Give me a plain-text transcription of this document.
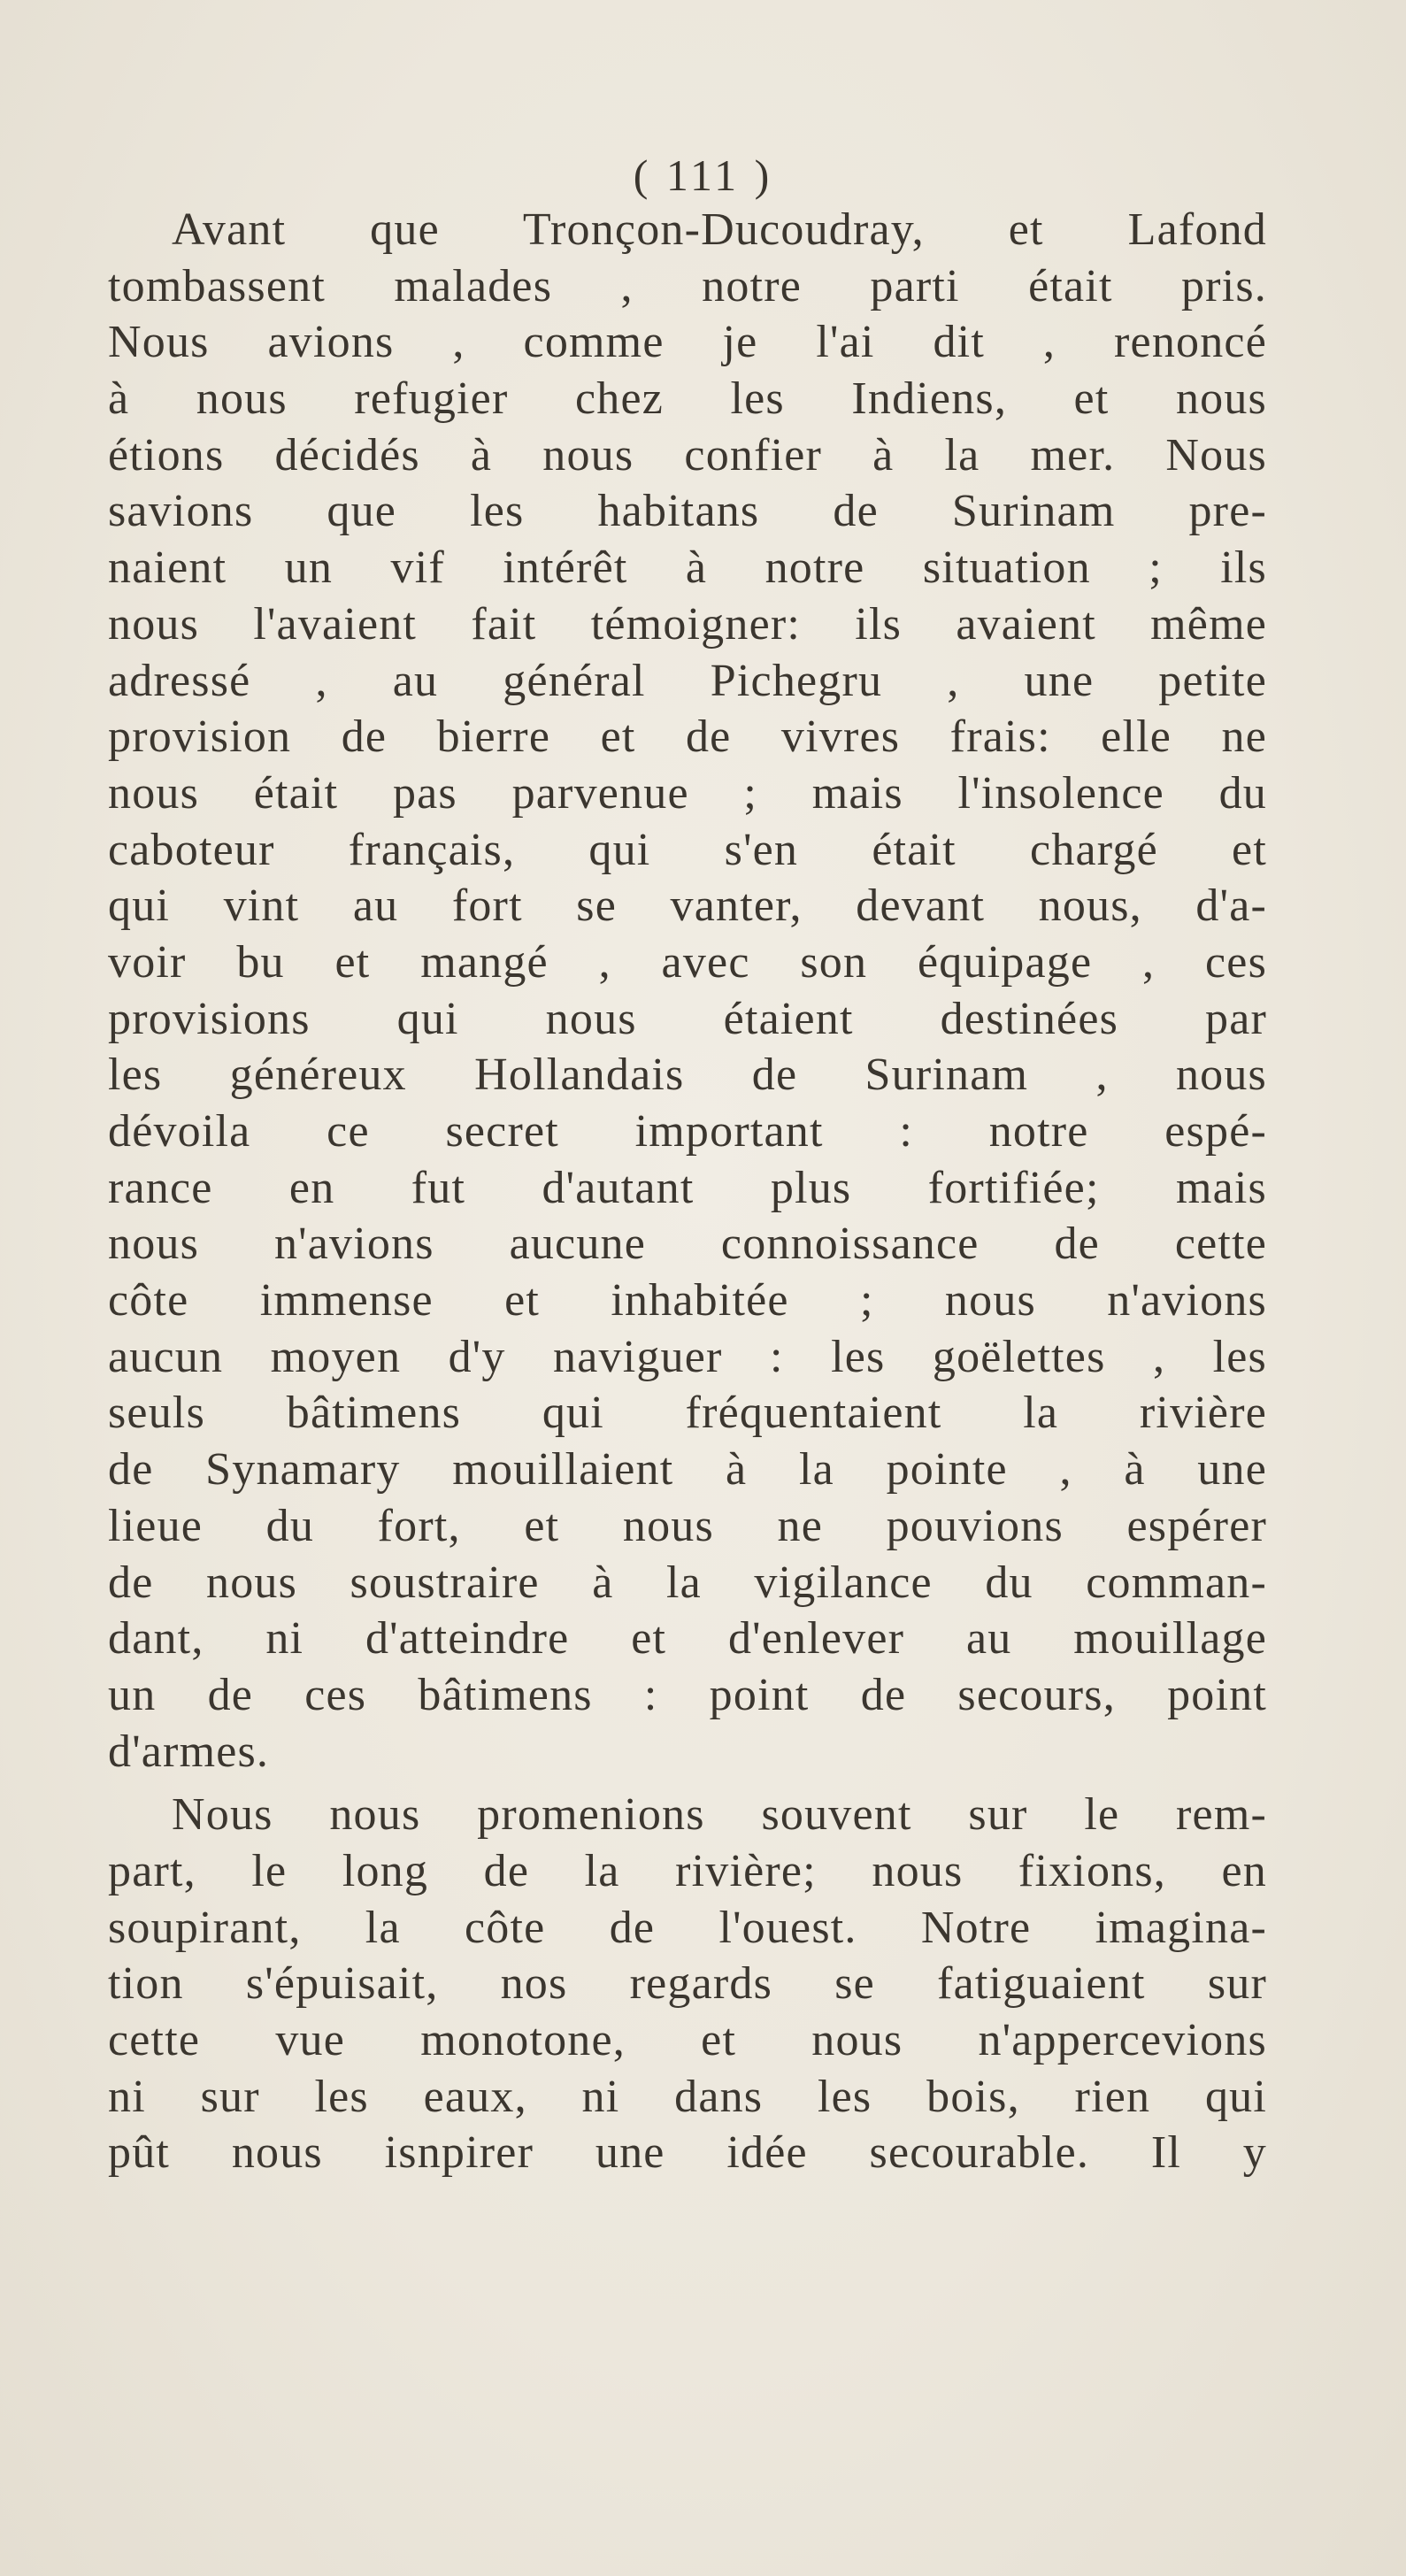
( 111 )
Avant que Tronçon-Ducoudray, et Lafond
tombassent malades , notre parti était pris.
Nous avions , comme je l'ai dit , renoncé
à nous refugier chez les Indiens, et nous
étions décidés à nous confier à la mer. Nous
savions que les habitans de Surinam pre-
naient un vif intérêt à notre situation ; ils
nous l'avaient fait témoigner: ils avaient même
adressé , au général Pichegru , une petite
provision de bierre et de vivres frais: elle ne
nous était pas parvenue ; mais l'insolence du
caboteur français, qui s'en était chargé et
qui vint au fort se vanter, devant nous, d'a-
voir bu et mangé , avec son équipage , ces
provisions qui nous étaient destinées par
les généreux Hollandais de Surinam , nous
dévoila ce secret important : notre espé-
rance en fut d'autant plus fortifiée; mais
nous n'avions aucune connoissance de cette
côte immense et inhabitée ; nous n'avions
aucun moyen d'y naviguer : les goëlettes , les
seuls bâtimens qui fréquentaient la rivière
de Synamary mouillaient à la pointe , à une
lieue du fort, et nous ne pouvions espérer
de nous soustraire à la vigilance du comman-
dant, ni d'atteindre et d'enlever au mouillage
un de ces bâtimens : point de secours, point
d'armes.
Nous nous promenions souvent sur le rem-
part, le long de la rivière; nous fixions, en
soupirant, la côte de l'ouest. Notre imagina-
tion s'épuisait, nos regards se fatiguaient sur
cette vue monotone, et nous n'appercevions
ni sur les eaux, ni dans les bois, rien qui
pût nous isnpirer une idée secourable. Il y
